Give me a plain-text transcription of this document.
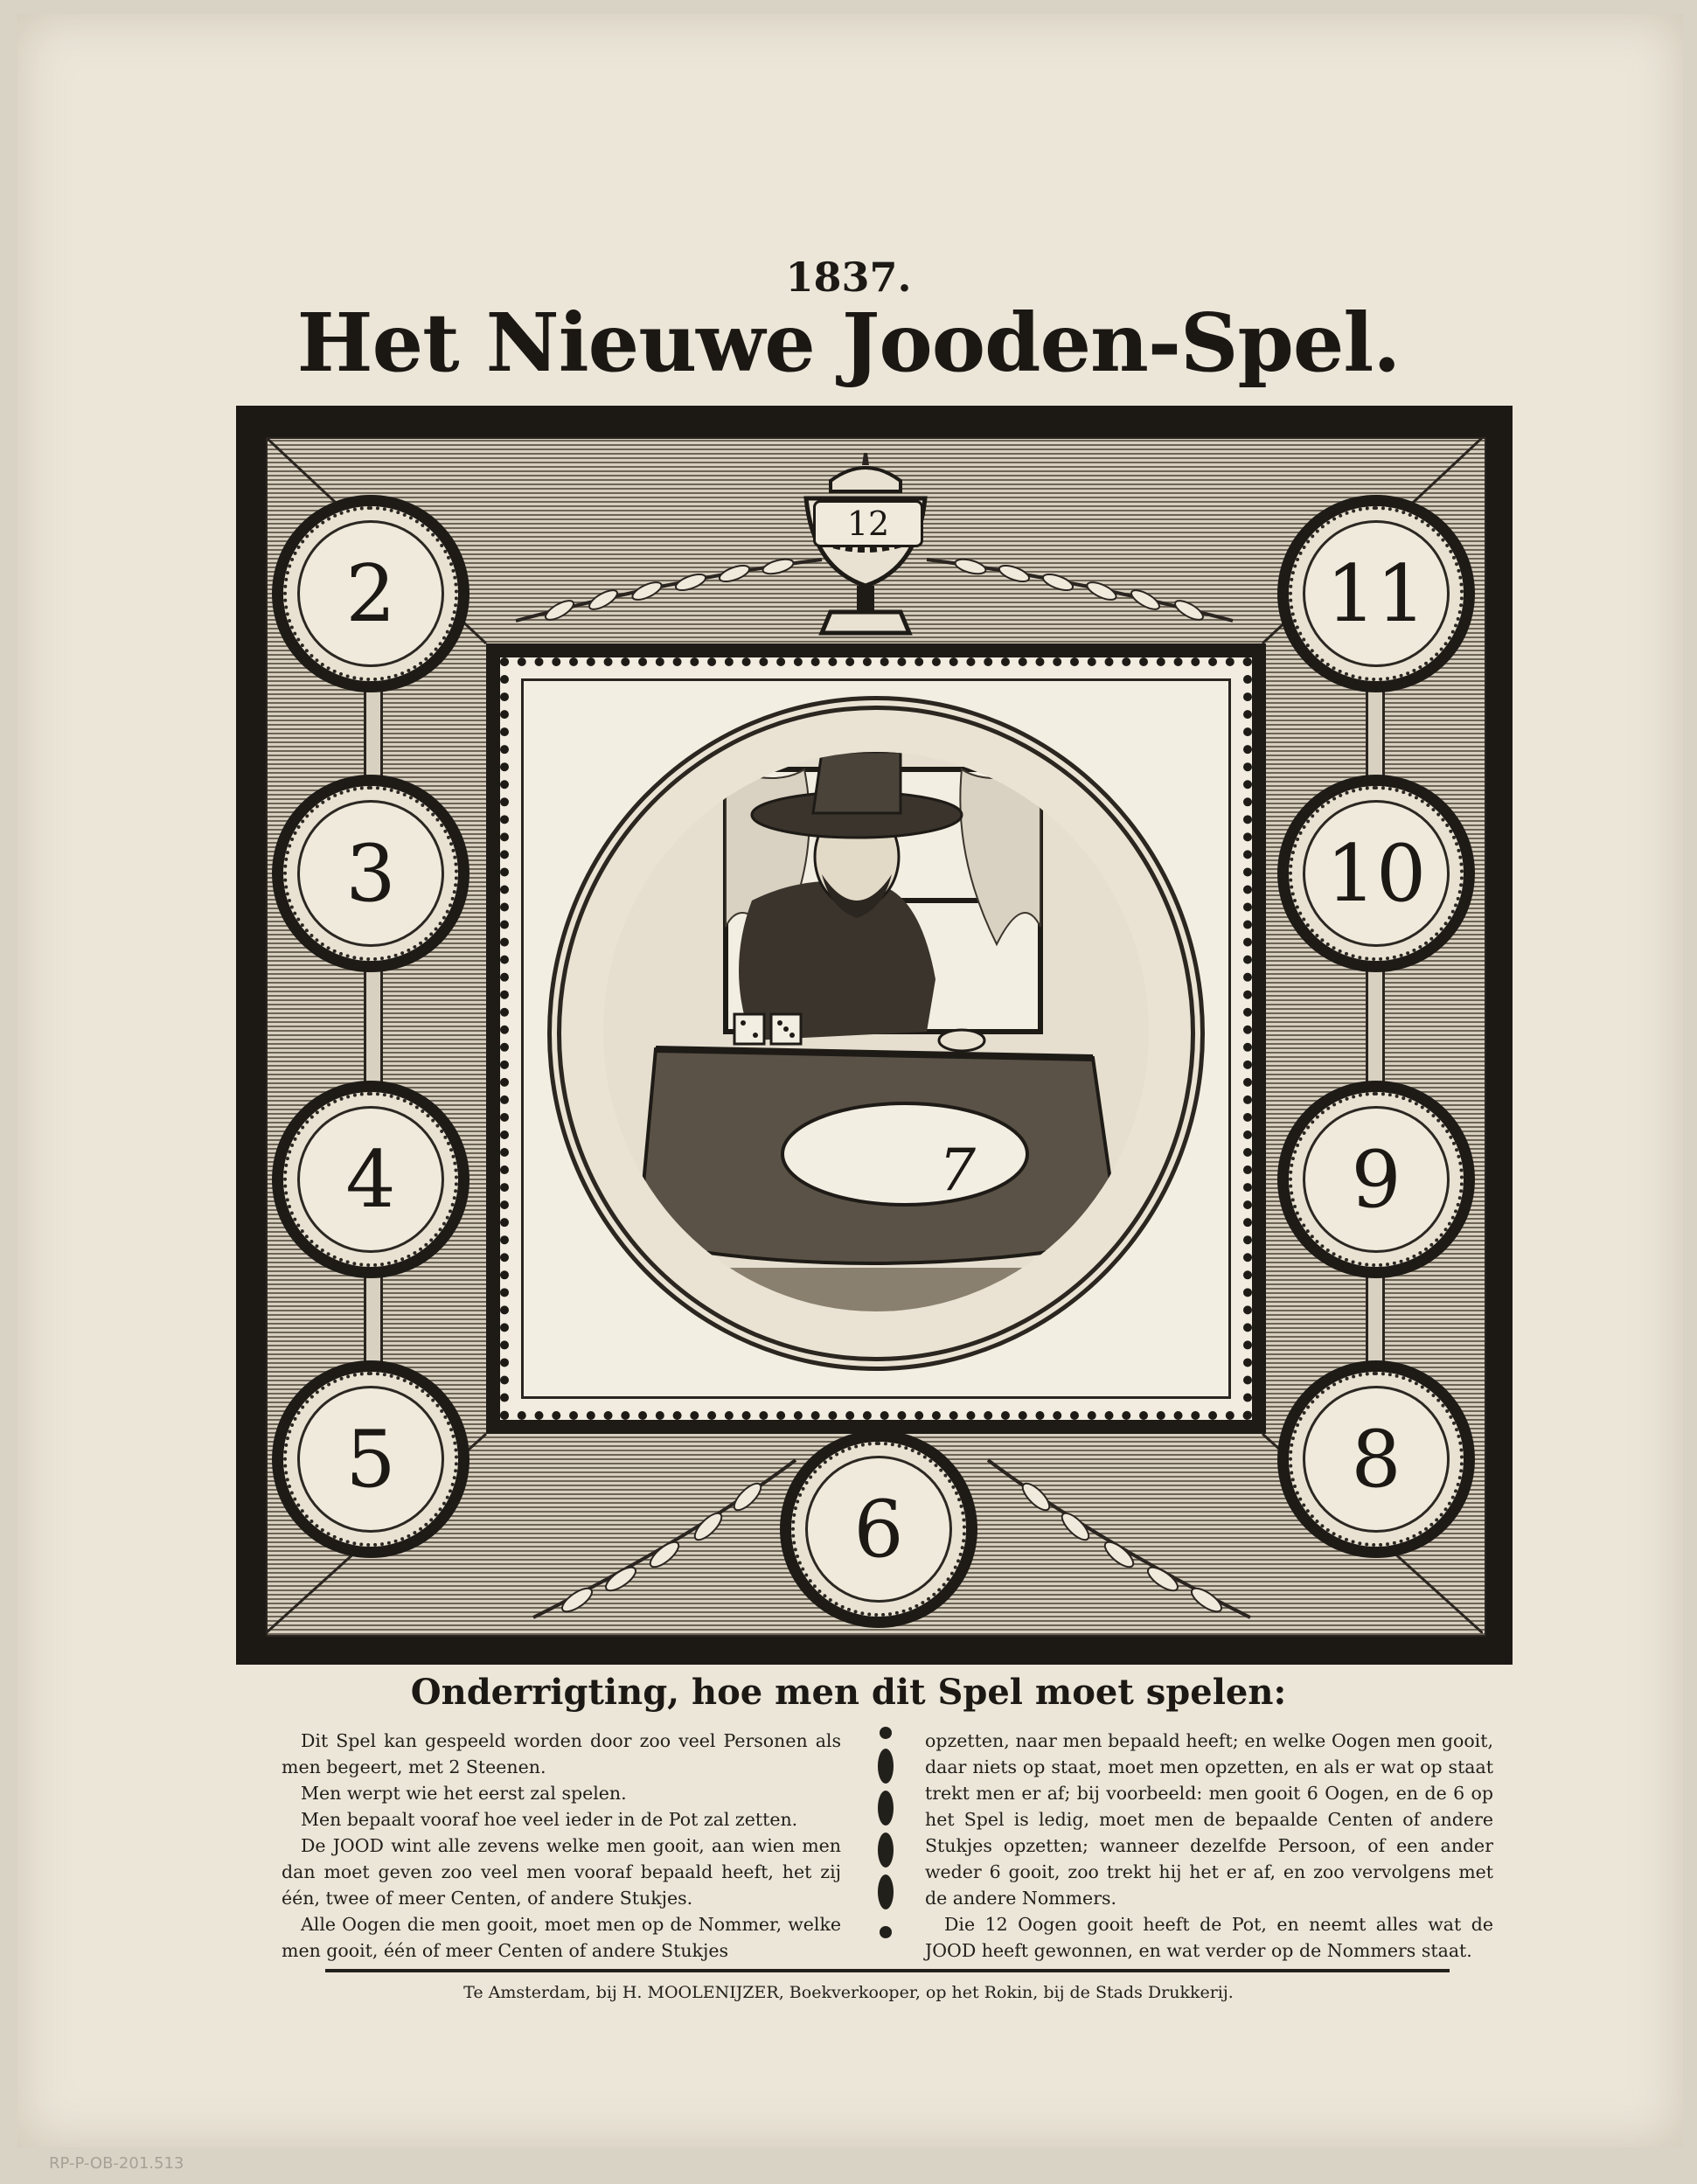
1837.
Het Nieuwe Jooden-Spel.
2
3
4
5
11
10
9
8
6
12
7
Onderrigting, hoe men dit Spel moet spelen:

Dit Spel kan gespeeld worden door zoo veel Personen als men begeert, met 2 Steenen.

Men werpt wie het eerst zal spelen.

Men bepaalt vooraf hoe veel ieder in de Pot zal zetten.

De JOOD wint alle zevens welke men gooit, aan wien men dan moet geven zoo veel men vooraf bepaald heeft, het zij één, twee of meer Centen, of andere Stukjes.

Alle Oogen die men gooit, moet men op de Nommer, welke men gooit, één of meer Centen of andere Stukjes

opzetten, naar men bepaald heeft; en welke Oogen men gooit, daar niets op staat, moet men opzetten, en als er wat op staat trekt men er af; bij voorbeeld: men gooit 6 Oogen, en de 6 op het Spel is ledig, moet men de bepaalde Centen of andere Stukjes opzetten; wanneer dezelfde Persoon, of een ander weder 6 gooit, zoo trekt hij het er af, en zoo vervolgens met de andere Nommers.

Die 12 Oogen gooit heeft de Pot, en neemt alles wat de JOOD heeft gewonnen, en wat verder op de Nommers staat.

Te Amsterdam, bij H. MOOLENIJZER, Boekverkooper, op het Rokin, bij de Stads Drukkerij.
RP-P-OB-201.513
